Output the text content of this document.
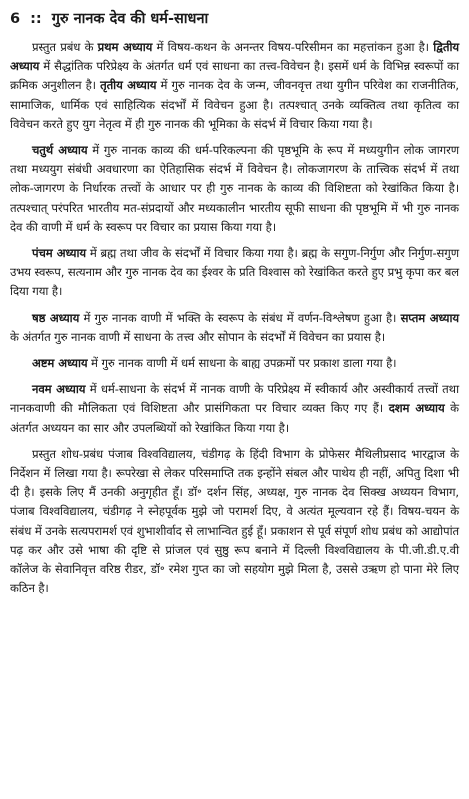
6 :: गुरु नानक देव की धर्म-साधना

प्रस्तुत प्रबंध के प्रथम अध्याय में विषय-कथन के अनन्तर विषय-परिसीमन का महत्तांकन हुआ है। द्वितीय अध्याय में सैद्धांतिक परिप्रेक्ष्य के अंतर्गत धर्म एवं साधना का तत्त्व-विवेचन है। इसमें धर्म के विभिन्न स्वरूपों का क्रमिक अनुशीलन है। तृतीय अध्याय में गुरु नानक देव के जन्म, जीवनवृत्त तथा युगीन परिवेश का राजनीतिक, सामाजिक, धार्मिक एवं साहित्यिक संदर्भों में विवेचन हुआ है। तत्पश्चात् उनके व्यक्तित्व तथा कृतित्व का विवेचन करते हुए युग नेतृत्व में ही गुरु नानक की भूमिका के संदर्भ में विचार किया गया है।

चतुर्थ अध्याय में गुरु नानक काव्य की धर्म-परिकल्पना की पृष्ठभूमि के रूप में मध्ययुगीन लोक जागरण तथा मध्ययुग संबंधी अवधारणा का ऐतिहासिक संदर्भ में विवेचन है। लोकजागरण के तात्त्विक संदर्भ में तथा लोक-जागरण के निर्धारक तत्त्वों के आधार पर ही गुरु नानक के काव्य की विशिष्टता को रेखांकित किया है। तत्पश्चात् परंपरित भारतीय मत-संप्रदायों और मध्यकालीन भारतीय सूफी साधना की पृष्ठभूमि में भी गुरु नानक देव की वाणी में धर्म के स्वरूप पर विचार का प्रयास किया गया है।

पंचम अध्याय में ब्रह्म तथा जीव के संदर्भों में विचार किया गया है। ब्रह्म के सगुण-निर्गुण और निर्गुण-सगुण उभय स्वरूप, सत्यनाम और गुरु नानक देव का ईश्वर के प्रति विश्वास को रेखांकित करते हुए प्रभु कृपा कर बल दिया गया है।

षष्ठ अध्याय में गुरु नानक वाणी में भक्ति के स्वरूप के संबंध में वर्णन-विश्लेषण हुआ है। सप्तम अध्याय के अंतर्गत गुरु नानक वाणी में साधना के तत्त्व और सोपान के संदर्भों में विवेचन का प्रयास है।

अष्टम अध्याय में गुरु नानक वाणी में धर्म साधना के बाह्य उपक्रमों पर प्रकाश डाला गया है।

नवम अध्याय में धर्म-साधना के संदर्भ में नानक वाणी के परिप्रेक्ष्य में स्वीकार्य और अस्वीकार्य तत्त्वों तथा नानकवाणी की मौलिकता एवं विशिष्टता और प्रासंगिकता पर विचार व्यक्त किए गए हैं। दशम अध्याय के अंतर्गत अध्ययन का सार और उपलब्धियों को रेखांकित किया गया है।

प्रस्तुत शोध-प्रबंध पंजाब विश्वविद्यालय, चंडीगढ़ के हिंदी विभाग के प्रोफेसर मैथिलीप्रसाद भारद्वाज के निर्देशन में लिखा गया है। रूपरेखा से लेकर परिसमाप्ति तक इन्होंने संबल और पाथेय ही नहीं, अपितु दिशा भी दी है। इसके लिए मैं उनकी अनुगृहीत हूँ। डॉ॰ दर्शन सिंह, अध्यक्ष, गुरु नानक देव सिक्ख अध्ययन विभाग, पंजाब विश्वविद्यालय, चंडीगढ़ ने स्नेहपूर्वक मुझे जो परामर्श दिए, वे अत्यंत मूल्यवान रहे हैं। विषय-चयन के संबंध में उनके सत्यपरामर्श एवं शुभाशीर्वाद से लाभान्वित हुई हूँ। प्रकाशन से पूर्व संपूर्ण शोध प्रबंध को आद्योपांत पढ़ कर और उसे भाषा की दृष्टि से प्रांजल एवं सुष्ठु रूप बनाने में दिल्ली विश्वविद्यालय के पी.जी.डी.ए.वी कॉलेज के सेवानिवृत्त वरिष्ठ रीडर, डॉ॰ रमेश गुप्त का जो सहयोग मुझे मिला है, उससे उऋण हो पाना मेरे लिए कठिन है।
